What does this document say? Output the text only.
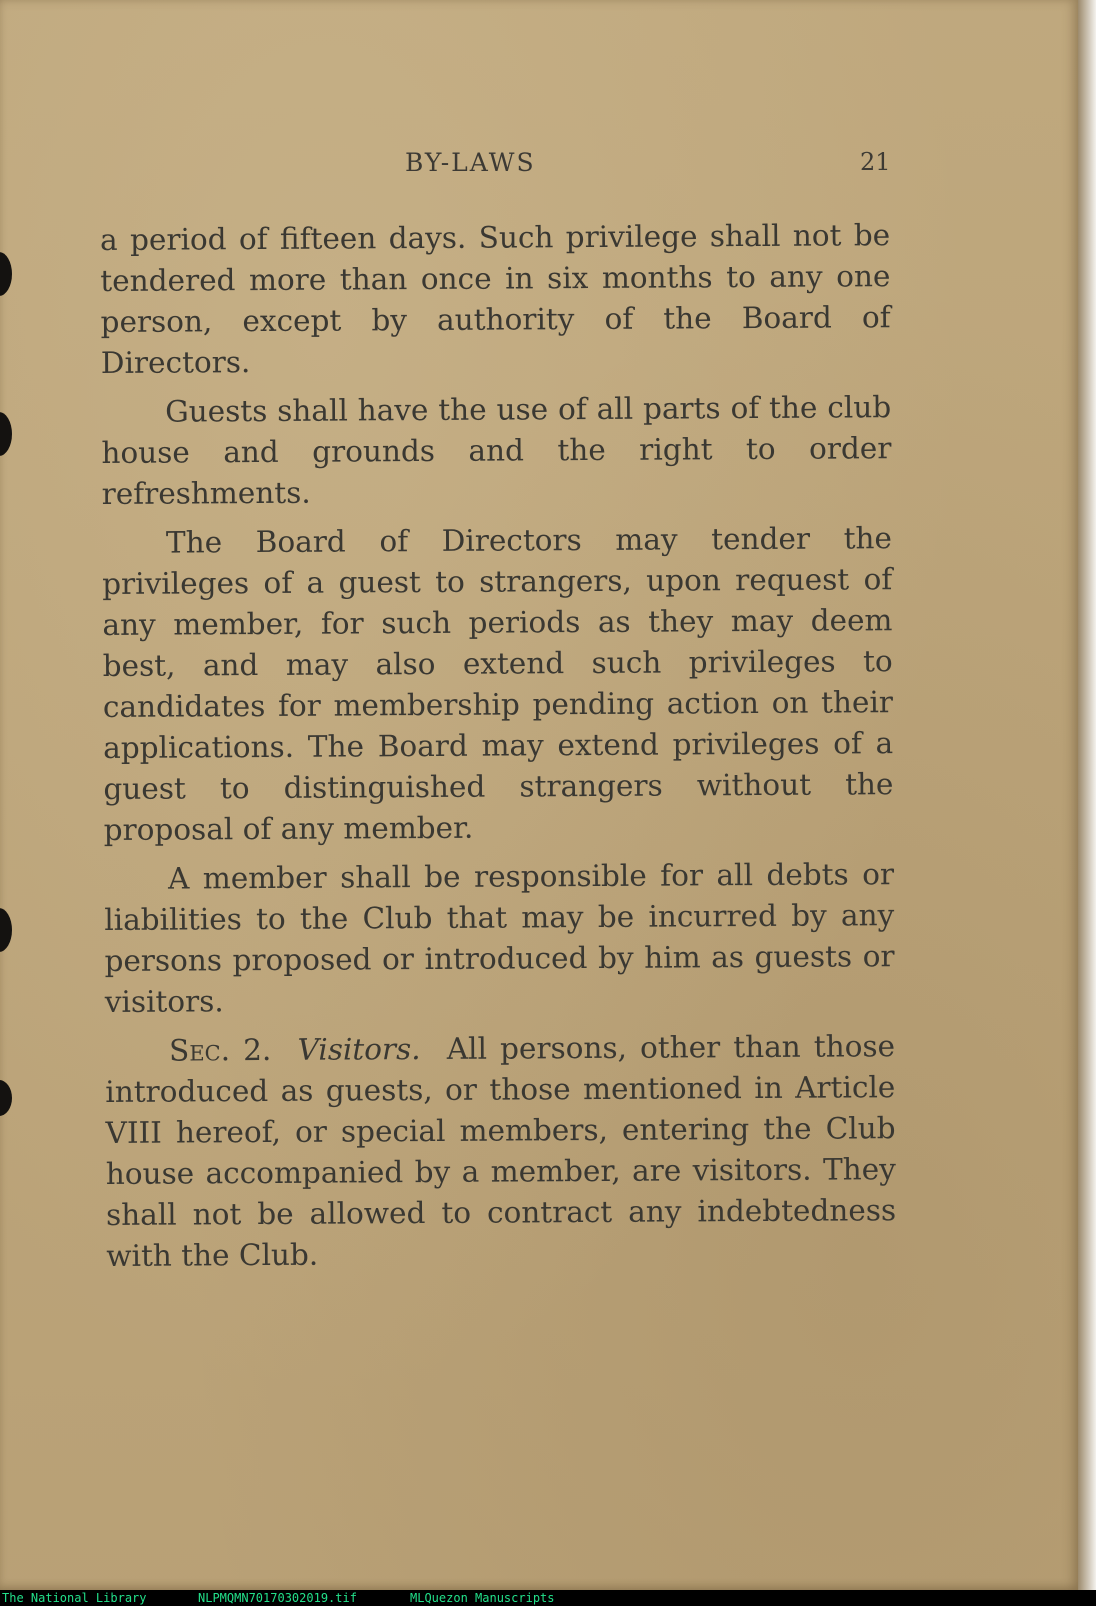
BY-LAWS	21

a period of fifteen days. Such privilege shall not be tendered more than once in six months to any one person, except by authority of the Board of Directors.

Guests shall have the use of all parts of the club house and grounds and the right to order refreshments.

The Board of Directors may tender the privileges of a guest to strangers, upon request of any member, for such periods as they may deem best, and may also extend such privileges to candidates for membership pending action on their applications. The Board may extend privileges of a guest to distinguished strangers without the proposal of any member.

A member shall be responsible for all debts or liabilities to the Club that may be incurred by any persons proposed or introduced by him as guests or visitors.

Sec. 2. Visitors. All persons, other than those introduced as guests, or those mentioned in Article VIII hereof, or special members, entering the Club house accompanied by a member, are visitors. They shall not be allowed to contract any indebtedness with the Club.

The National Library

	NLPMQMN70170302019.tif

	MLQuezon Manuscripts
